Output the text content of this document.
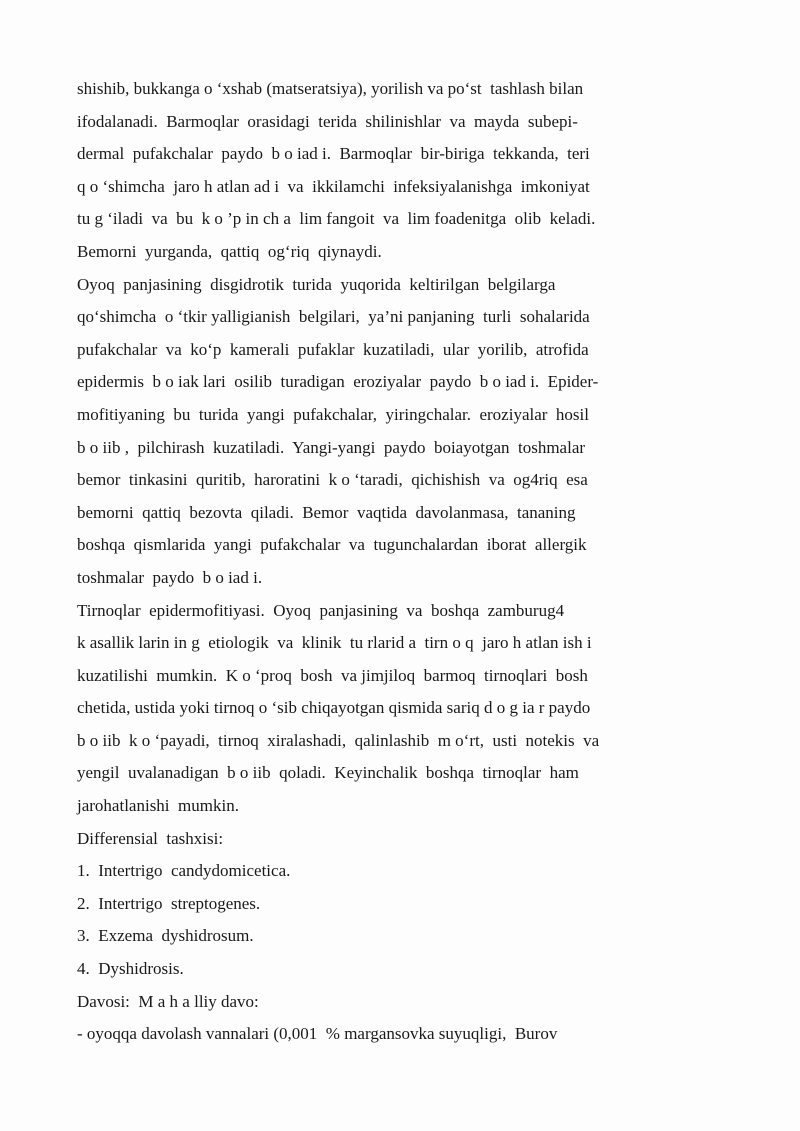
shishib, bukkanga o ‘xshab (matseratsiya), yorilish va po‘st  tashlash bilan
ifodalanadi.  Barmoqlar  orasidagi  terida  shilinishlar  va  mayda  subepi-
dermal  pufakchalar  paydo  b o iad i.  Barmoqlar  bir-biriga  tekkanda,  teri
q o ‘shimcha  jaro h atlan ad i  va  ikkilamchi  infeksiyalanishga  imkoniyat
tu g ‘iladi  va  bu  k o ’p in ch a  lim fangoit  va  lim foadenitga  olib  keladi.
Bemorni  yurganda,  qattiq  og‘riq  qiynaydi.
Oyoq  panjasining  disgidrotik  turida  yuqorida  keltirilgan  belgilarga
qo‘shimcha  o ‘tkir yalligianish  belgilari,  ya’ni panjaning  turli  sohalarida
pufakchalar  va  ko‘p  kamerali  pufaklar  kuzatiladi,  ular  yorilib,  atrofida
epidermis  b o iak lari  osilib  turadigan  eroziyalar  paydo  b o iad i.  Epider-
mofitiyaning  bu  turida  yangi  pufakchalar,  yiringchalar.  eroziyalar  hosil
b o iib ,  pilchirash  kuzatiladi.  Yangi-yangi  paydo  boiayotgan  toshmalar
bemor  tinkasini  quritib,  haroratini  k o ‘taradi,  qichishish  va  og4riq  esa
bemorni  qattiq  bezovta  qiladi.  Bemor  vaqtida  davolanmasa,  tananing
boshqa  qismlarida  yangi  pufakchalar  va  tugunchalardan  iborat  allergik
toshmalar  paydo  b o iad i.
Tirnoqlar  epidermofitiyasi.  Oyoq  panjasining  va  boshqa  zamburug4
k asallik larin in g  etiologik  va  klinik  tu rlarid a  tirn o q  jaro h atlan ish i
kuzatilishi  mumkin.  K o ‘proq  bosh  va jimjiloq  barmoq  tirnoqlari  bosh
chetida, ustida yoki tirnoq o ‘sib chiqayotgan qismida sariq d o g ia r paydo
b o iib  k o ‘payadi,  tirnoq  xiralashadi,  qalinlashib  m o‘rt,  usti  notekis  va
yengil  uvalanadigan  b o iib  qoladi.  Keyinchalik  boshqa  tirnoqlar  ham
jarohatlanishi  mumkin.
Differensial  tashxisi:
1.  Intertrigo  candydomicetica.
2.  Intertrigo  streptogenes.
3.  Exzema  dyshidrosum.
4.  Dyshidrosis.
Davosi:  M a h a lliy davo:
- oyoqqa davolash vannalari (0,001  % margansovka suyuqligi,  Burov
